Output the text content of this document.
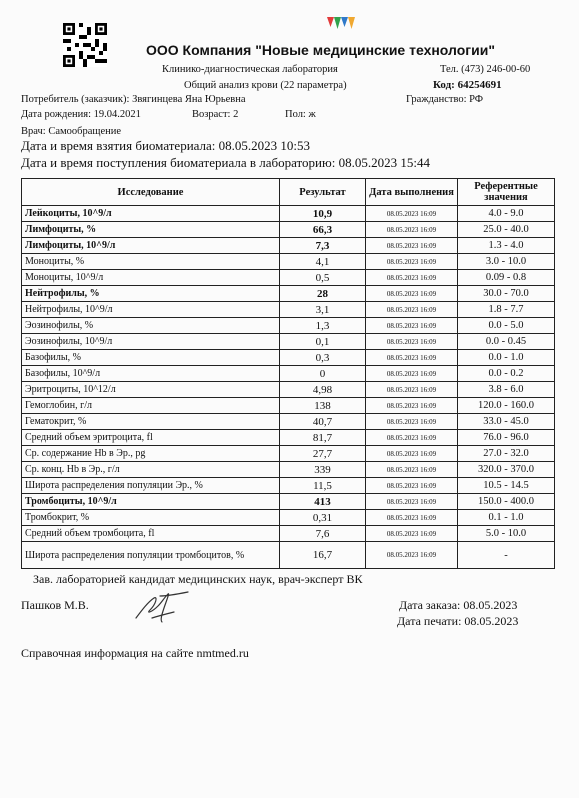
ООО Компания "Новые медицинские технологии"
Клинико-диагностическая лаборатория	Тел. (473) 246-00-60
Общий анализ крови (22 параметра)	Код: 64254691
Потребитель (заказчик): Звягинцева Яна Юрьевна	Гражданство: РФ
Дата рождения: 19.04.2021	Возраст: 2	Пол: ж
Врач: Самообращение
Дата и время взятия биоматериала: 08.05.2023 10:53
Дата и время поступления биоматериала в лабораторию: 08.05.2023 15:44
Исследование	Результат	Дата выполнения	Референтные значения
Лейкоциты, 10^9/л	10,9	08.05.2023 16:09	4.0 - 9.0
Лимфоциты, %	66,3	08.05.2023 16:09	25.0 - 40.0
Лимфоциты, 10^9/л	7,3	08.05.2023 16:09	1.3 - 4.0
Моноциты, %	4,1	08.05.2023 16:09	3.0 - 10.0
Моноциты, 10^9/л	0,5	08.05.2023 16:09	0.09 - 0.8
Нейтрофилы, %	28	08.05.2023 16:09	30.0 - 70.0
Нейтрофилы, 10^9/л	3,1	08.05.2023 16:09	1.8 - 7.7
Эозинофилы, %	1,3	08.05.2023 16:09	0.0 - 5.0
Эозинофилы, 10^9/л	0,1	08.05.2023 16:09	0.0 - 0.45
Базофилы, %	0,3	08.05.2023 16:09	0.0 - 1.0
Базофилы, 10^9/л	0	08.05.2023 16:09	0.0 - 0.2
Эритроциты, 10^12/л	4,98	08.05.2023 16:09	3.8 - 6.0
Гемоглобин, г/л	138	08.05.2023 16:09	120.0 - 160.0
Гематокрит, %	40,7	08.05.2023 16:09	33.0 - 45.0
Средний объем эритроцита, fl	81,7	08.05.2023 16:09	76.0 - 96.0
Ср. содержание Hb в Эр., pg	27,7	08.05.2023 16:09	27.0 - 32.0
Ср. конц. Hb в Эр., г/л	339	08.05.2023 16:09	320.0 - 370.0
Широта распределения популяции Эр., %	11,5	08.05.2023 16:09	10.5 - 14.5
Тромбоциты, 10^9/л	413	08.05.2023 16:09	150.0 - 400.0
Тромбокрит, %	0,31	08.05.2023 16:09	0.1 - 1.0
Средний объем тромбоцита, fl	7,6	08.05.2023 16:09	5.0 - 10.0
Широта распределения популяции тромбоцитов, %	16,7	08.05.2023 16:09	-
Зав. лабораторией кандидат медицинских наук, врач-эксперт ВК
Пашков М.В.	Дата заказа: 08.05.2023
Дата печати: 08.05.2023
Справочная информация на сайте nmtmed.ru
